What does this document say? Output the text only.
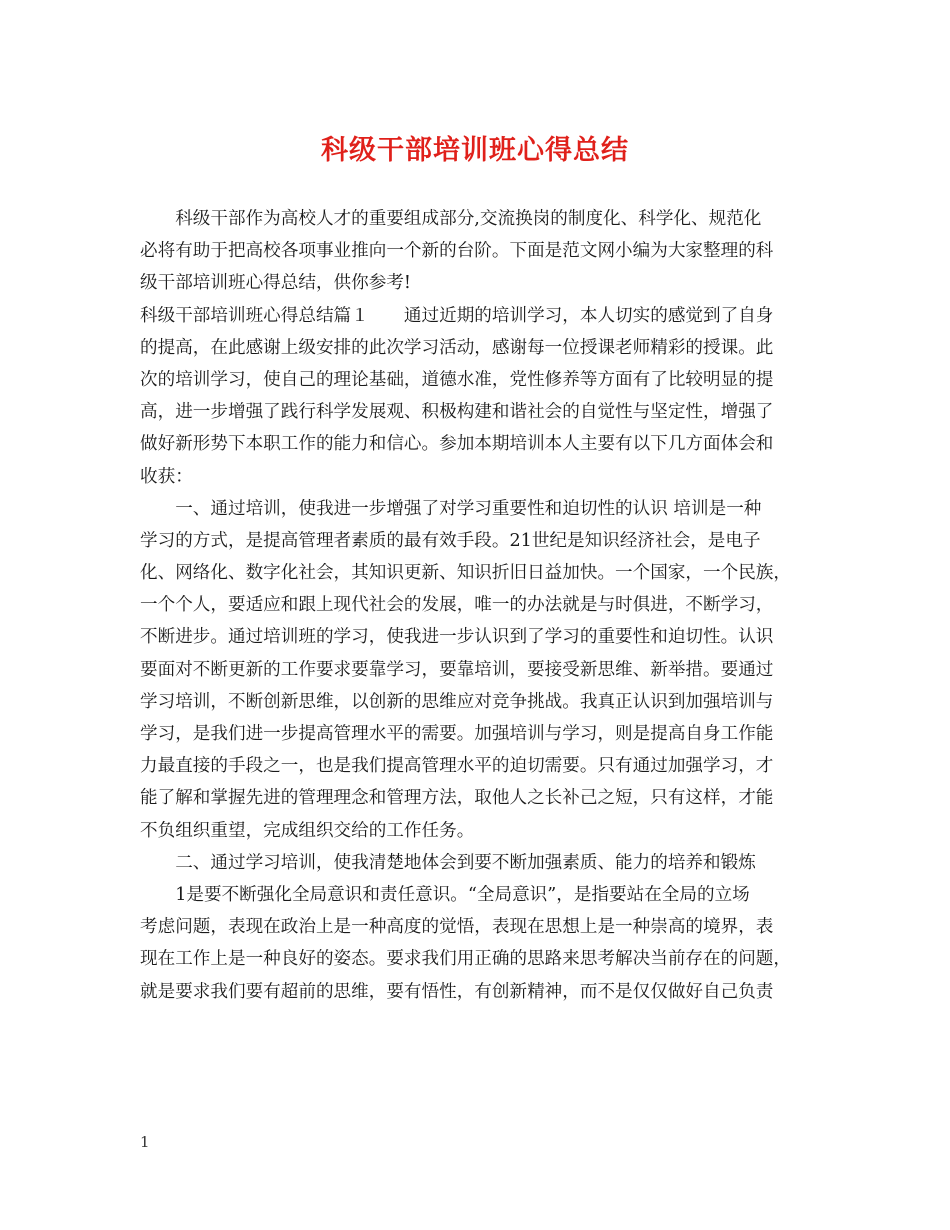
科级干部培训班心得总结
　　科级干部作为高校人才的重要组成部分,交流换岗的制度化、科学化、规范化
必将有助于把高校各项事业推向一个新的台阶。下面是范文网小编为大家整理的科
级干部培训班心得总结，供你参考!
科级干部培训班心得总结篇１　　通过近期的培训学习，本人切实的感觉到了自身
的提高，在此感谢上级安排的此次学习活动，感谢每一位授课老师精彩的授课。此
次的培训学习，使自己的理论基础，道德水准，党性修养等方面有了比较明显的提
高，进一步增强了践行科学发展观、积极构建和谐社会的自觉性与坚定性，增强了
做好新形势下本职工作的能力和信心。参加本期培训本人主要有以下几方面体会和
收获：
　　一、通过培训，使我进一步增强了对学习重要性和迫切性的认识 培训是一种
学习的方式，是提高管理者素质的最有效手段。21世纪是知识经济社会，是电子
化、网络化、数字化社会，其知识更新、知识折旧日益加快。一个国家，一个民族，
一个个人，要适应和跟上现代社会的发展，唯一的办法就是与时俱进，不断学习，
不断进步。通过培训班的学习，使我进一步认识到了学习的重要性和迫切性。认识
要面对不断更新的工作要求要靠学习，要靠培训，要接受新思维、新举措。要通过
学习培训，不断创新思维，以创新的思维应对竞争挑战。我真正认识到加强培训与
学习，是我们进一步提高管理水平的需要。加强培训与学习，则是提高自身工作能
力最直接的手段之一，也是我们提高管理水平的迫切需要。只有通过加强学习，才
能了解和掌握先进的管理理念和管理方法，取他人之长补己之短，只有这样，才能
不负组织重望，完成组织交给的工作任务。
　　二、通过学习培训，使我清楚地体会到要不断加强素质、能力的培养和锻炼
　　1是要不断强化全局意识和责任意识。“全局意识”，是指要站在全局的立场
考虑问题，表现在政治上是一种高度的觉悟，表现在思想上是一种崇高的境界，表
现在工作上是一种良好的姿态。要求我们用正确的思路来思考解决当前存在的问题，
就是要求我们要有超前的思维，要有悟性，有创新精神，而不是仅仅做好自己负责
1
